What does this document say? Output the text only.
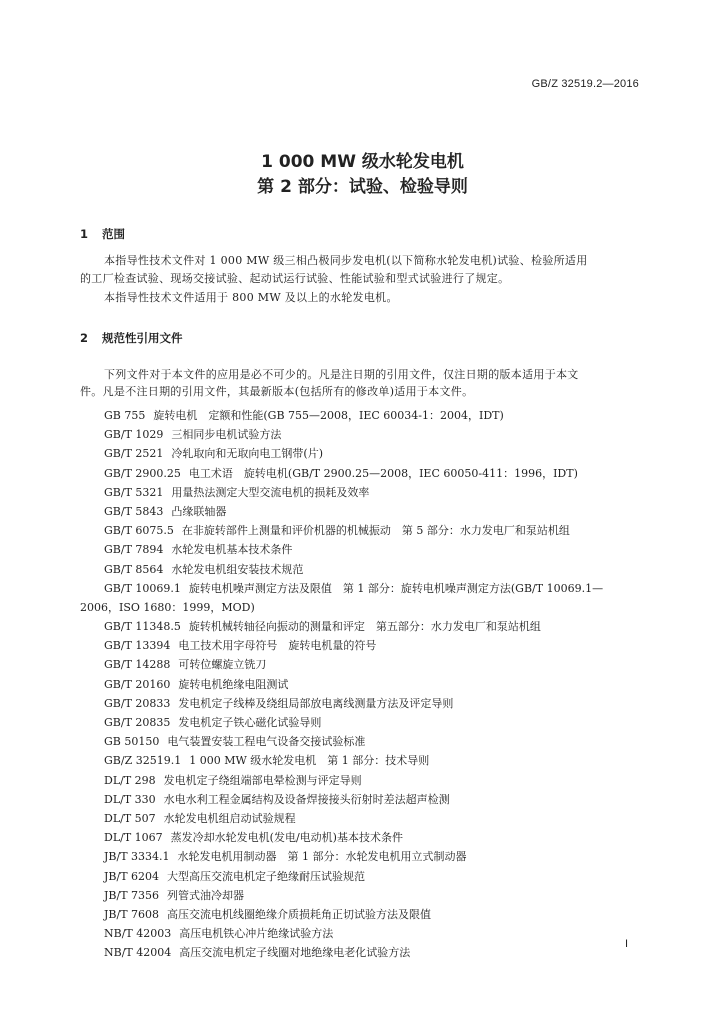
GB/Z 32519.2—2016
1 000 MW 级水轮发电机
第 2 部分：试验、检验导则
1 范围
本指导性技术文件对 1 000 MW 级三相凸极同步发电机(以下简称水轮发电机)试验、检验所适用
的工厂检查试验、现场交接试验、起动试运行试验、性能试验和型式试验进行了规定。
本指导性技术文件适用于 800 MW 及以上的水轮发电机。
2 规范性引用文件
下列文件对于本文件的应用是必不可少的。凡是注日期的引用文件，仅注日期的版本适用于本文
件。凡是不注日期的引用文件，其最新版本(包括所有的修改单)适用于本文件。
GB 755 旋转电机　定额和性能(GB 755—2008，IEC 60034-1：2004，IDT)
GB/T 1029 三相同步电机试验方法
GB/T 2521 冷轧取向和无取向电工钢带(片)
GB/T 2900.25 电工术语　旋转电机(GB/T 2900.25—2008，IEC 60050-411：1996，IDT)
GB/T 5321 用量热法测定大型交流电机的损耗及效率
GB/T 5843 凸缘联轴器
GB/T 6075.5 在非旋转部件上测量和评价机器的机械振动　第 5 部分：水力发电厂和泵站机组
GB/T 7894 水轮发电机基本技术条件
GB/T 8564 水轮发电机组安装技术规范
GB/T 10069.1 旋转电机噪声测定方法及限值　第 1 部分：旋转电机噪声测定方法(GB/T 10069.1—
2006，ISO 1680：1999，MOD)
GB/T 11348.5 旋转机械转轴径向振动的测量和评定　第五部分：水力发电厂和泵站机组
GB/T 13394 电工技术用字母符号　旋转电机量的符号
GB/T 14288 可转位螺旋立铣刀
GB/T 20160 旋转电机绝缘电阻测试
GB/T 20833 发电机定子线棒及绕组局部放电离线测量方法及评定导则
GB/T 20835 发电机定子铁心磁化试验导则
GB 50150 电气装置安装工程电气设备交接试验标准
GB/Z 32519.1 1 000 MW 级水轮发电机　第 1 部分：技术导则
DL/T 298 发电机定子绕组端部电晕检测与评定导则
DL/T 330 水电水利工程金属结构及设备焊接接头衍射时差法超声检测
DL/T 507 水轮发电机组启动试验规程
DL/T 1067 蒸发冷却水轮发电机(发电/电动机)基本技术条件
JB/T 3334.1 水轮发电机用制动器　第 1 部分：水轮发电机用立式制动器
JB/T 6204 大型高压交流电机定子绝缘耐压试验规范
JB/T 7356 列管式油冷却器
JB/T 7608 高压交流电机线圈绝缘介质损耗角正切试验方法及限值
NB/T 42003 高压电机铁心冲片绝缘试验方法
NB/T 42004 高压交流电机定子线圈对地绝缘电老化试验方法
I
